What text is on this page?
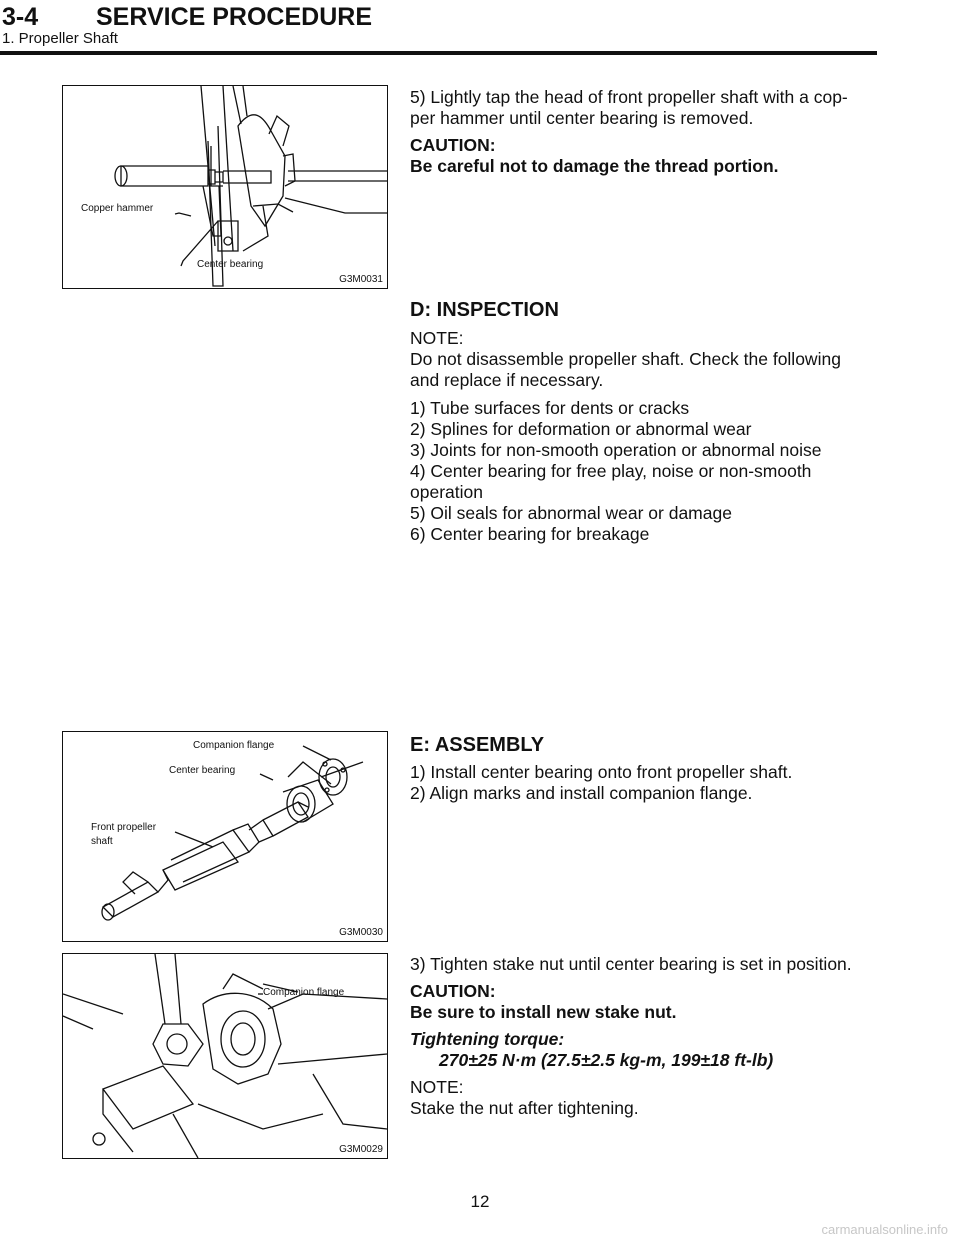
3-4 SERVICE PROCEDURE
1. Propeller Shaft
Copper hammer
Center bearing
G3M0031

5) Lightly tap the head of front propeller shaft with a cop-

per hammer until center bearing is removed.

CAUTION:

Be careful not to damage the thread portion.

D: INSPECTION

NOTE:

Do not disassemble propeller shaft. Check the following

and replace if necessary.

1) Tube surfaces for dents or cracks

2) Splines for deformation or abnormal wear

3) Joints for non-smooth operation or abnormal noise

4) Center bearing for free play, noise or non-smooth

operation

5) Oil seals for abnormal wear or damage

6) Center bearing for breakage

Companion flange
Center bearing
Front propeller
shaft
G3M0030
E: ASSEMBLY

1) Install center bearing onto front propeller shaft.

2) Align marks and install companion flange.

Companion flange
G3M0029

3) Tighten stake nut until center bearing is set in position.

CAUTION:

Be sure to install new stake nut.

Tightening torque:

270±25 N·m (27.5±2.5 kg-m, 199±18 ft-lb)

NOTE:

Stake the nut after tightening.

12
carmanualsonline.info
